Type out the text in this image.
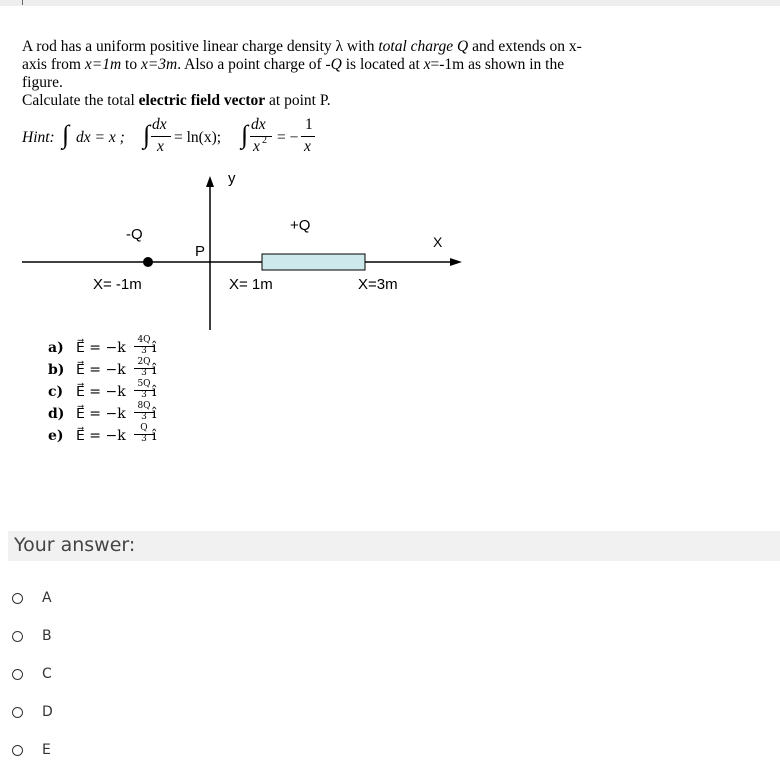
A rod has a uniform positive linear charge density λ with total charge Q and extends on x-

axis from x=1m to x=3m. Also a point charge of -Q is located at x=-1m as shown in the

figure.

Calculate the total electric field vector at point P.

Hint: ∫ dx = x ; ∫ dx
x
= ln(x); ∫ dx
x 2 = −
1
x
y
X
P
-Q
+Q
X= -1m	X= 1m	X=3m
a) E⃗ = −k	4Q
3 î
b) E⃗ = −k	2Q
3 î
c) E⃗ = −k	5Q
3 î
d) E⃗ = −k	8Q
3 î
e) E⃗ = −k	Q
3 î
Your answer:
A
B
C
D
E
